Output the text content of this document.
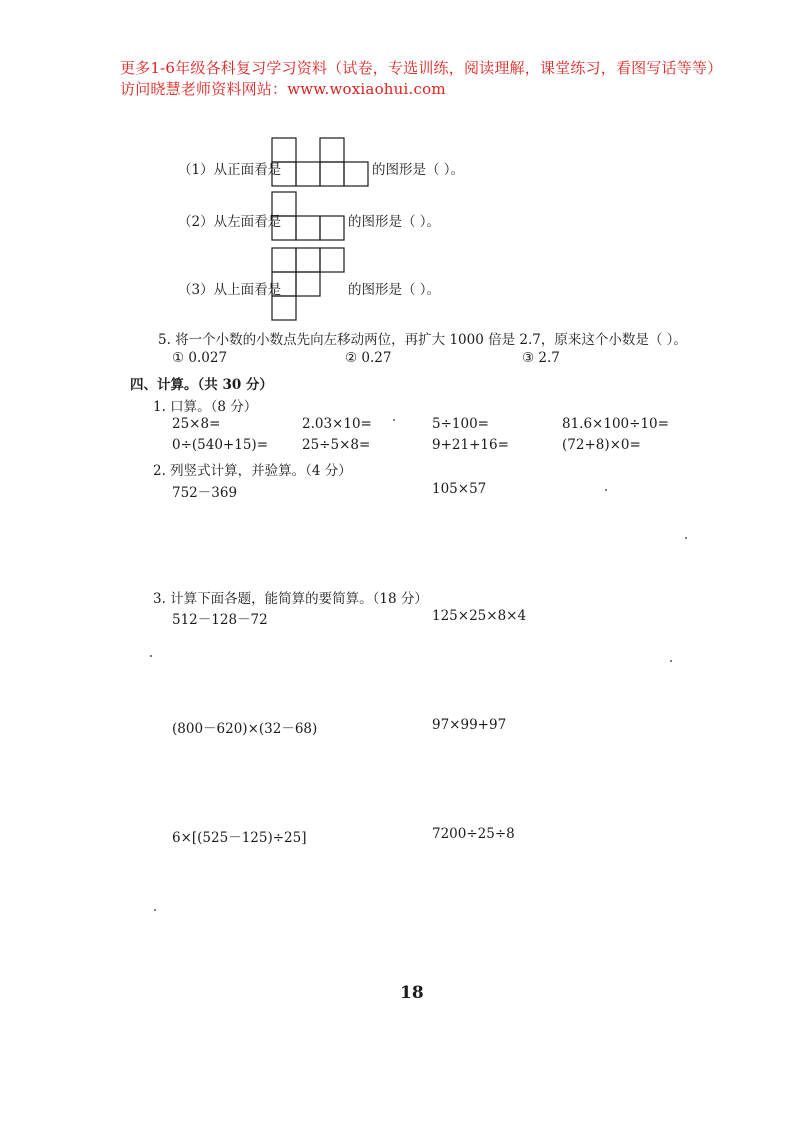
更多1-6年级各科复习学习资料（试卷，专选训练，阅读理解，课堂练习，看图写话等等）访问晓慧老师资料网站：www.woxiaohui.com
（1）从正面看是	的图形是（ ）。
（2）从左面看是	的图形是（ ）。
（3）从上面看是	的图形是（ ）。
5. 将一个小数的小数点先向左移动两位，再扩大 1000 倍是 2.7，原来这个小数是（ ）。
① 0.027	② 0.27	③ 2.7
四、计算。（共 30 分）
1. 口算。（8 分）
25×8=	2.03×10=	5÷100=	81.6×100÷10=
0÷(540+15)=	25÷5×8=	9+21+16=	(72+8)×0=
2. 列竖式计算，并验算。（4 分）
752－369	105×57
3. 计算下面各题，能简算的要简算。（18 分）
512－128－72	125×25×8×4
(800－620)×(32－68)	97×99+97
6×[(525－125)÷25]	7200÷25÷8
18
